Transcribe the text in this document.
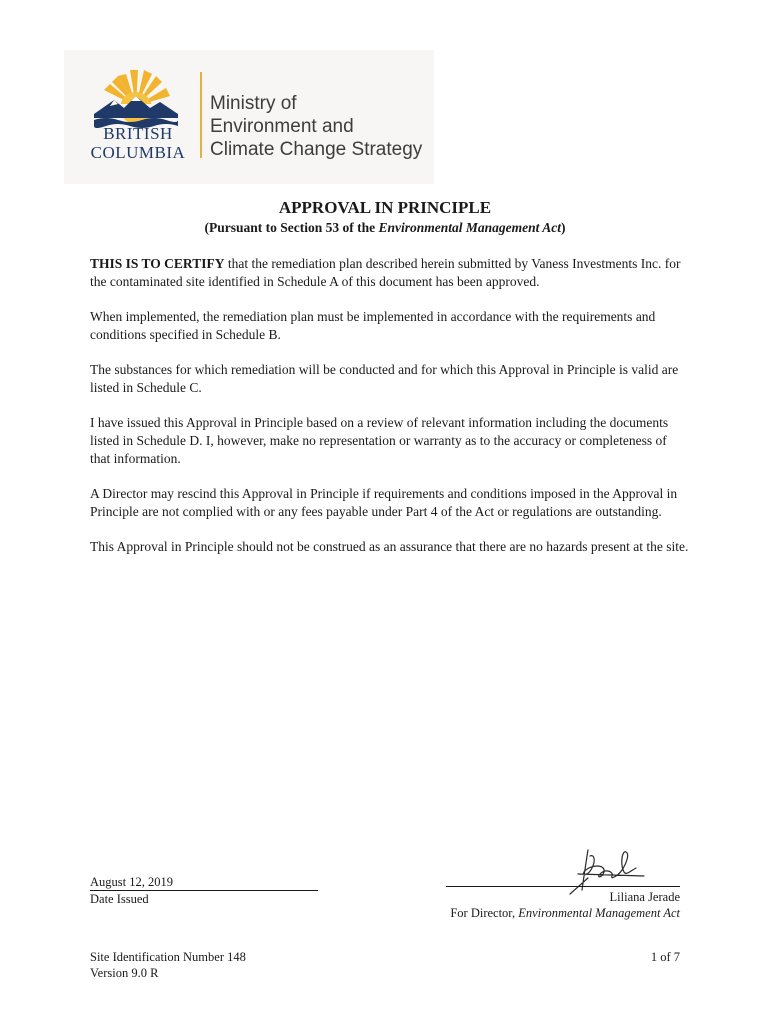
BRITISH
COLUMBIA
Ministry of
Environment and
Climate Change Strategy
APPROVAL IN PRINCIPLE
(Pursuant to Section 53 of the Environmental Management Act)

THIS IS TO CERTIFY that the remediation plan described herein submitted by Vaness Investments Inc. for the contaminated site identified in Schedule A of this document has been approved.

When implemented, the remediation plan must be implemented in accordance with the requirements and conditions specified in Schedule B.

The substances for which remediation will be conducted and for which this Approval in Principle is valid are listed in Schedule C.

I have issued this Approval in Principle based on a review of relevant information including the documents listed in Schedule D. I, however, make no representation or warranty as to the accuracy or completeness of that information.

A Director may rescind this Approval in Principle if requirements and conditions imposed in the Approval in Principle are not complied with or any fees payable under Part 4 of the Act or regulations are outstanding.

This Approval in Principle should not be construed as an assurance that there are no hazards present at the site.

August 12, 2019
Date Issued	Liliana Jerade
For Director, Environmental Management Act
Site Identification Number 148
Version 9.0 R
1 of 7
